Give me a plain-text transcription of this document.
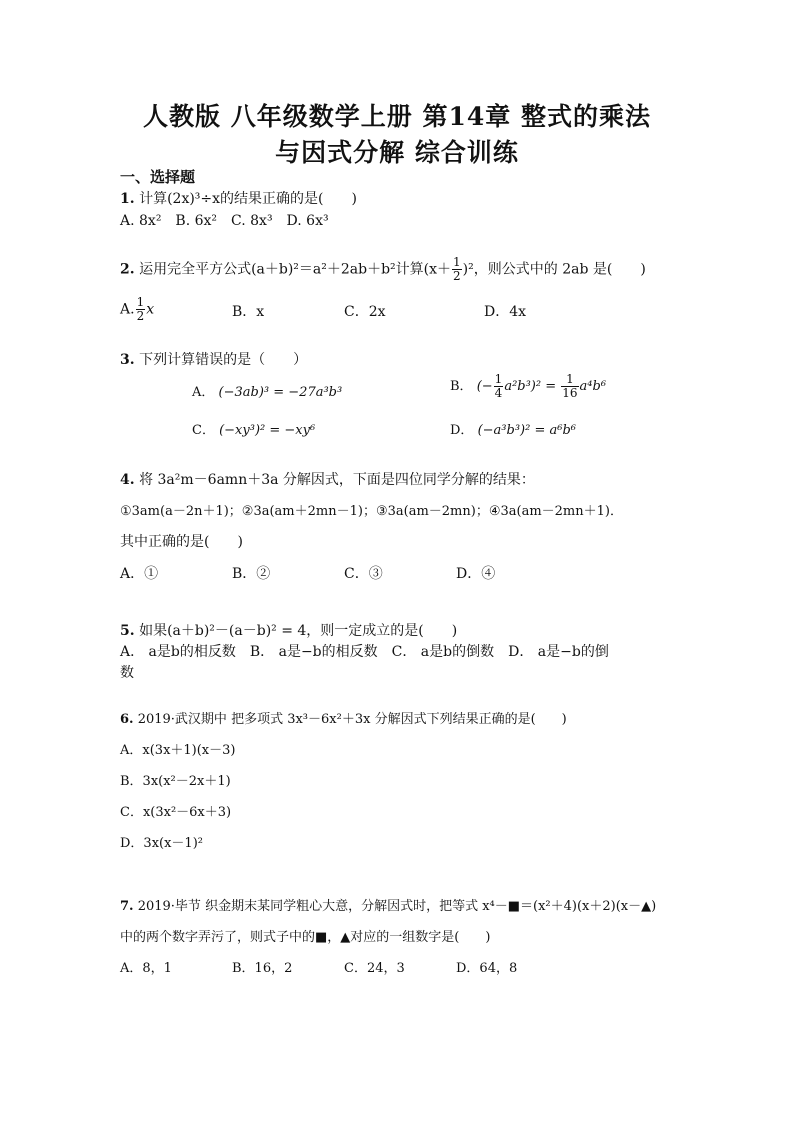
人教版 八年级数学上册 第14章 整式的乘法
与因式分解 综合训练
一、选择题
1. 计算(2x)³÷x的结果正确的是(　　)
A. 8x²　B. 6x²　C. 8x³　D. 6x³
2. 运用完全平方公式(a＋b)²＝a²＋2ab＋b²计算$(x+ \frac{1}{2} )^2$，则公式中的 2ab 是(　　)
A. $\frac{1}{2}$ x	B．x	C．2x	D．4x
3. 下列计算错误的是（　　）
A． (−3ab)³ = −27a³b³	B． (− $\frac{1}{4} a^2b^3)^2 = \frac{1}{16} a^4b^6$
C． (−xy³)² = −xy⁶	D． (−a³b³)² = a⁶b⁶
4. 将 3a²m－6amn＋3a 分解因式，下面是四位同学分解的结果：
①3am(a－2n＋1)；②3a(am＋2mn－1)；③3a(am－2mn)；④3a(am－2mn＋1)．
其中正确的是(　　)
A．①	B．②	C．③	D．④
5. 如果(a＋b)²－(a－b)² = 4，则一定成立的是(　　)
A． a是b的相反数　B． a是−b的相反数　C． a是b的倒数　D． a是−b的倒
数
6. 2019·武汉期中 把多项式 3x³－6x²＋3x 分解因式下列结果正确的是(　　)
A．x(3x＋1)(x－3)
B．3x(x²－2x＋1)
C．x(3x²－6x＋3)
D．3x(x－1)²
7. 2019·毕节 织金期末某同学粗心大意，分解因式时，把等式 x⁴－■＝(x²＋4)(x＋2)(x－▲)
中的两个数字弄污了，则式子中的■，▲对应的一组数字是(　　)
A．8，1	B．16，2	C．24，3	D．64，8
